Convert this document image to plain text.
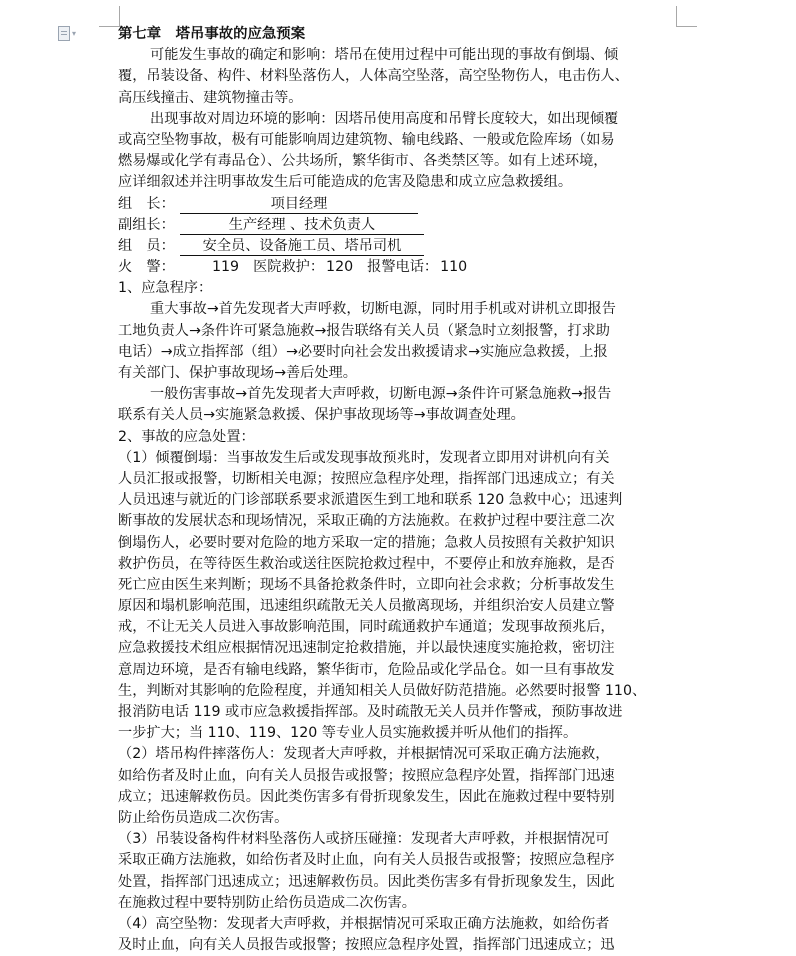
▾	第七章　塔吊事故的应急预案
可能发生事故的确定和影响：塔吊在使用过程中可能出现的事故有倒塌、倾
覆，吊装设备、构件、材料坠落伤人，人体高空坠落，高空坠物伤人，电击伤人、
高压线撞击、建筑物撞击等。
出现事故对周边环境的影响：因塔吊使用高度和吊臂长度较大，如出现倾覆
或高空坠物事故，极有可能影响周边建筑物、输电线路、一般或危险库场（如易
燃易爆或化学有毒品仓）、公共场所，繁华街市、各类禁区等。如有上述环境，
应详细叙述并注明事故发生后可能造成的危害及隐患和成立应急救援组。
组　长：	项目经理
副组长：	生产经理 、技术负责人
组　员： 安全员、设备施工员、塔吊司机
火　警：	119 医院救护： 120 报警电话： 110
1、应急程序：
重大事故→首先发现者大声呼救，切断电源，同时用手机或对讲机立即报告
工地负责人→条件许可紧急施救→报告联络有关人员（紧急时立刻报警，打求助
电话）→成立指挥部（组）→必要时向社会发出救援请求→实施应急救援，上报
有关部门、保护事故现场→善后处理。
一般伤害事故→首先发现者大声呼救，切断电源→条件许可紧急施救→报告
联系有关人员→实施紧急救援、保护事故现场等→事故调查处理。
2、事故的应急处置：
（1）倾覆倒塌：当事故发生后或发现事故预兆时，发现者立即用对讲机向有关
人员汇报或报警，切断相关电源；按照应急程序处理，指挥部门迅速成立；有关
人员迅速与就近的门诊部联系要求派遣医生到工地和联系 120 急救中心；迅速判
断事故的发展状态和现场情况，采取正确的方法施救。在救护过程中要注意二次
倒塌伤人，必要时要对危险的地方采取一定的措施；急救人员按照有关救护知识
救护伤员，在等待医生救治或送往医院抢救过程中，不要停止和放弃施救，是否
死亡应由医生来判断；现场不具备抢救条件时，立即向社会求救；分析事故发生
原因和塌机影响范围，迅速组织疏散无关人员撤离现场，并组织治安人员建立警
戒，不让无关人员进入事故影响范围，同时疏通救护车通道；发现事故预兆后，
应急救援技术组应根据情况迅速制定抢救措施，并以最快速度实施抢救，密切注
意周边环境，是否有输电线路，繁华街市，危险品或化学品仓。如一旦有事故发
生，判断对其影响的危险程度，并通知相关人员做好防范措施。必然要时报警 110、
报消防电话 119 或市应急救援指挥部。及时疏散无关人员并作警戒，预防事故进
一步扩大；当 110、119、120 等专业人员实施救援并听从他们的指挥。
（2）塔吊构件摔落伤人：发现者大声呼救，并根据情况可采取正确方法施救，
如给伤者及时止血，向有关人员报告或报警；按照应急程序处置，指挥部门迅速
成立；迅速解救伤员。因此类伤害多有骨折现象发生，因此在施救过程中要特别
防止给伤员造成二次伤害。
（3）吊装设备构件材料坠落伤人或挤压碰撞：发现者大声呼救，并根据情况可
采取正确方法施救，如给伤者及时止血，向有关人员报告或报警；按照应急程序
处置，指挥部门迅速成立；迅速解救伤员。因此类伤害多有骨折现象发生，因此
在施救过程中要特别防止给伤员造成二次伤害。
（4）高空坠物：发现者大声呼救，并根据情况可采取正确方法施救，如给伤者
及时止血，向有关人员报告或报警；按照应急程序处置，指挥部门迅速成立；迅
